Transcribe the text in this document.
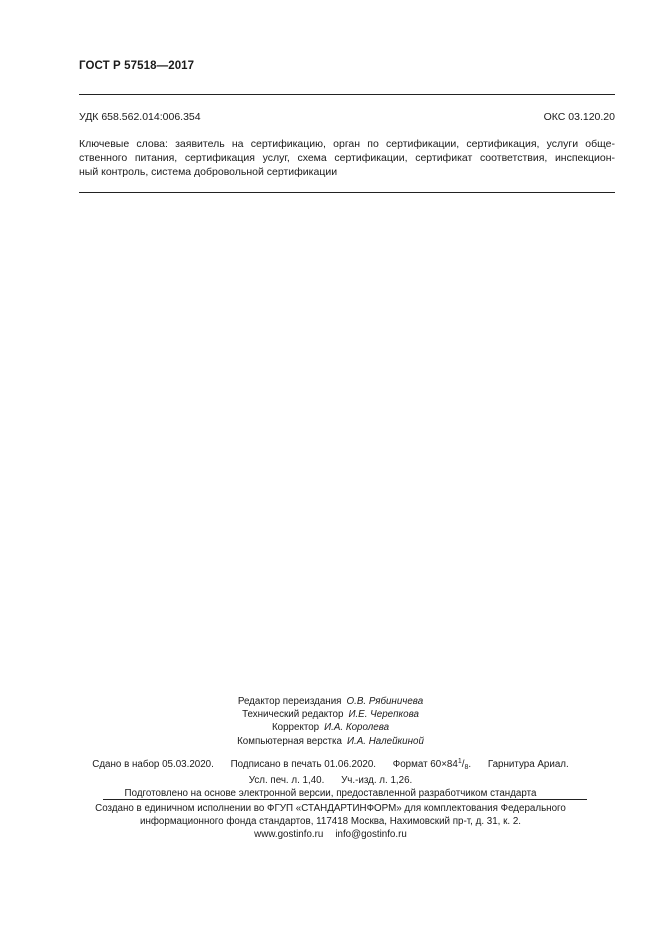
ГОСТ Р 57518—2017
УДК 658.562.014:006.354	ОКС 03.120.20
Ключевые слова: заявитель на сертификацию, орган по сертификации, сертификация, услуги обще-
ственного питания, сертификация услуг, схема сертификации, сертификат соответствия, инспекцион-
ный контроль, система добровольной сертификации
Редактор переиздания О.В. Рябиничева
Технический редактор И.Е. Черепкова
Корректор И.А. Королева
Компьютерная верстка И.А. Налейкиной
Сдано в набор 05.03.2020. Подписано в печать 01.06.2020. Формат $60\times 84^1/_8$. Гарнитура Ариал.
Усл. печ. л. 1,40. Уч.-изд. л. 1,26.
Подготовлено на основе электронной версии, предоставленной разработчиком стандарта
Создано в единичном исполнении во ФГУП «СТАНДАРТИНФОРМ» для комплектования Федерального
информационного фонда стандартов, 117418 Москва, Нахимовский пр-т, д. 31, к. 2.
www.gostinfo.ru info@gostinfo.ru
